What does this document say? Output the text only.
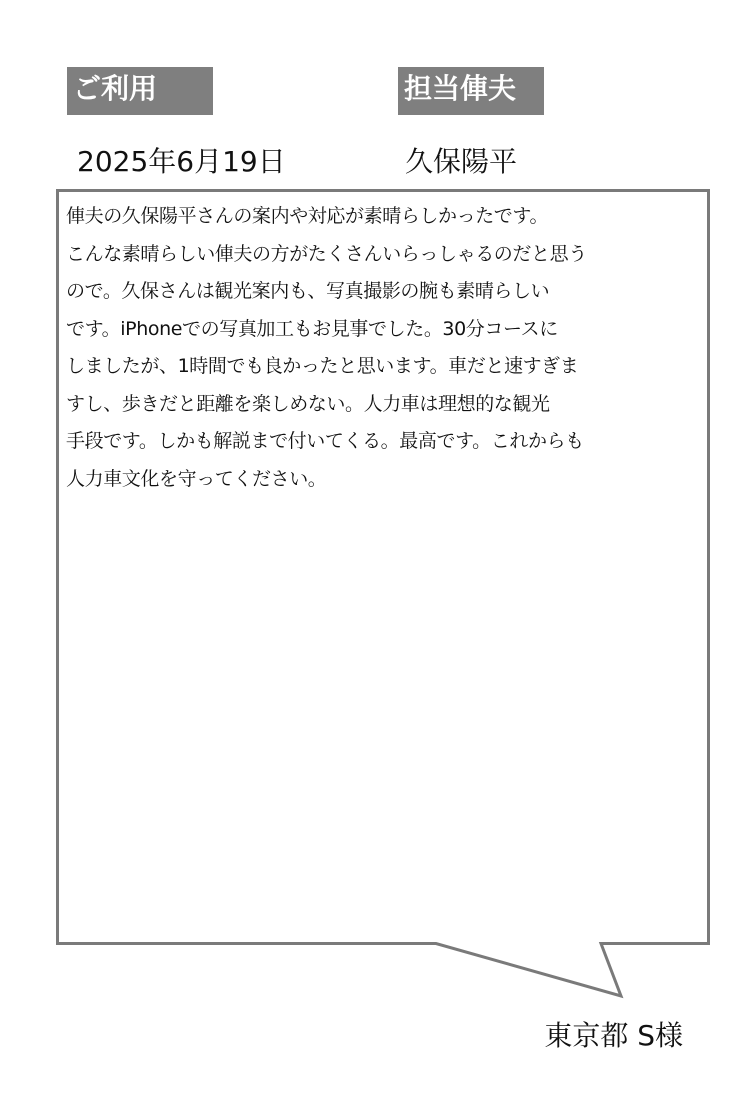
ご利用	担当俥夫
2025年6月19日	久保陽平
俥夫の久保陽平さんの案内や対応が素晴らしかったです。
こんな素晴らしい俥夫の方がたくさんいらっしゃるのだと思う
ので。久保さんは観光案内も、写真撮影の腕も素晴らしい
です。iPhoneでの写真加工もお見事でした。30分コースに
しましたが、1時間でも良かったと思います。車だと速すぎま
すし、歩きだと距離を楽しめない。人力車は理想的な観光
手段です。しかも解説まで付いてくる。最高です。これからも
人力車文化を守ってください。
東京都 S様
